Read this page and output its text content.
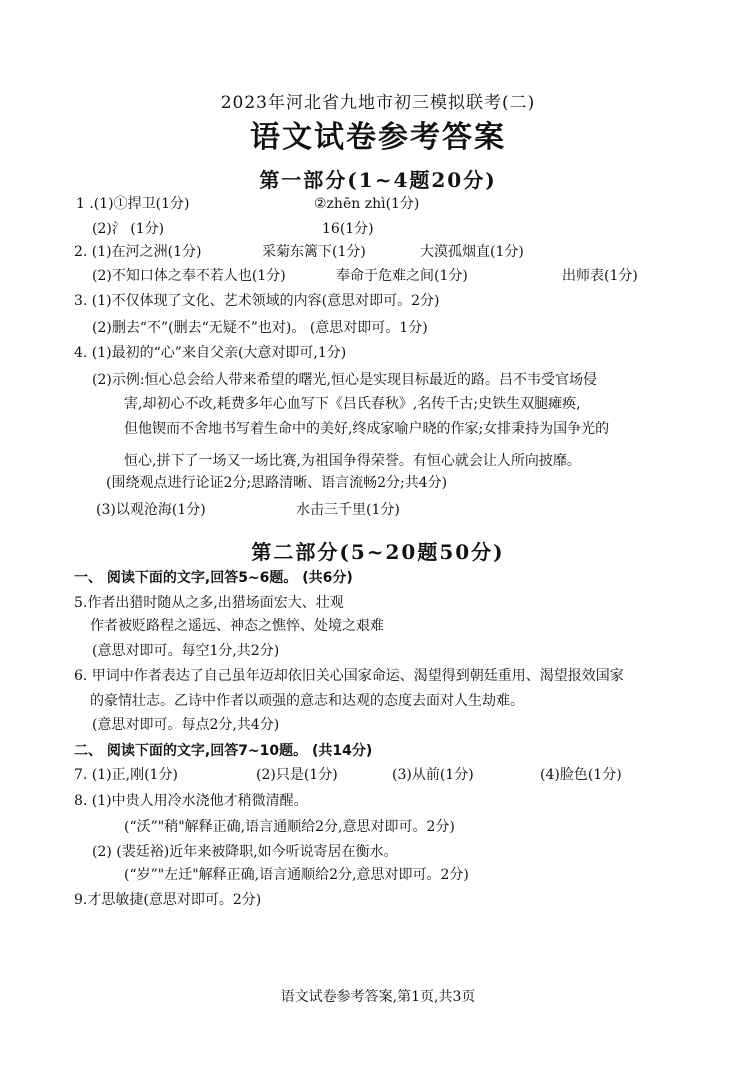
2023年河北省九地市初三模拟联考(二)
语文试卷参考答案
第一部分(1~4题20分)
1 .(1)①捍卫(1分)	②zhēn zhì(1分)
(2)氵 (1分)	16(1分)
2. (1)在河之洲(1分)	采菊东篱下(1分)	大漠孤烟直(1分)
(2)不知口体之奉不若人也(1分)	奉命于危难之间(1分)	出师表(1分)
3. (1)不仅体现了文化、艺术领域的内容(意思对即可。2分)
(2)删去“不”(删去“无疑不”也对)。 (意思对即可。1分)
4. (1)最初的“心”来自父亲(大意对即可,1分)
(2)示例:恒心总会给人带来希望的曙光,恒心是实现目标最近的路。吕不韦受官场侵
害,却初心不改,耗费多年心血写下《吕氏春秋》,名传千古;史铁生双腿瘫痪,
但他锲而不舍地书写着生命中的美好,终成家喻户晓的作家;女排秉持为国争光的
恒心,拼下了一场又一场比赛,为祖国争得荣誉。有恒心就会让人所向披靡。
(围绕观点进行论证2分;思路清晰、语言流畅2分;共4分)
(3)以观沧海(1分)	水击三千里(1分)
第二部分(5~20题50分)
一、 阅读下面的文字,回答5~6题。 (共6分)
5.作者出猎时随从之多,出猎场面宏大、壮观
作者被贬路程之遥远、神态之憔悴、处境之艰难
(意思对即可。每空1分,共2分)
6. 甲词中作者表达了自己虽年迈却依旧关心国家命运、渴望得到朝廷重用、渴望报效国家
的豪情壮志。乙诗中作者以顽强的意志和达观的态度去面对人生劫难。
(意思对即可。每点2分,共4分)
二、 阅读下面的文字,回答7~10题。 (共14分)
7. (1)正,刚(1分)	(2)只是(1分)	(3)从前(1分)	(4)脸色(1分)
8. (1)中贵人用冷水浇他才稍微清醒。
(“沃”"稍"解释正确,语言通顺给2分,意思对即可。2分)
(2) (裴廷裕)近年来被降职,如今听说寄居在衡水。
(“岁”"左迁"解释正确,语言通顺给2分,意思对即可。2分)
9.才思敏捷(意思对即可。2分)
语文试卷参考答案,第1页,共3页
